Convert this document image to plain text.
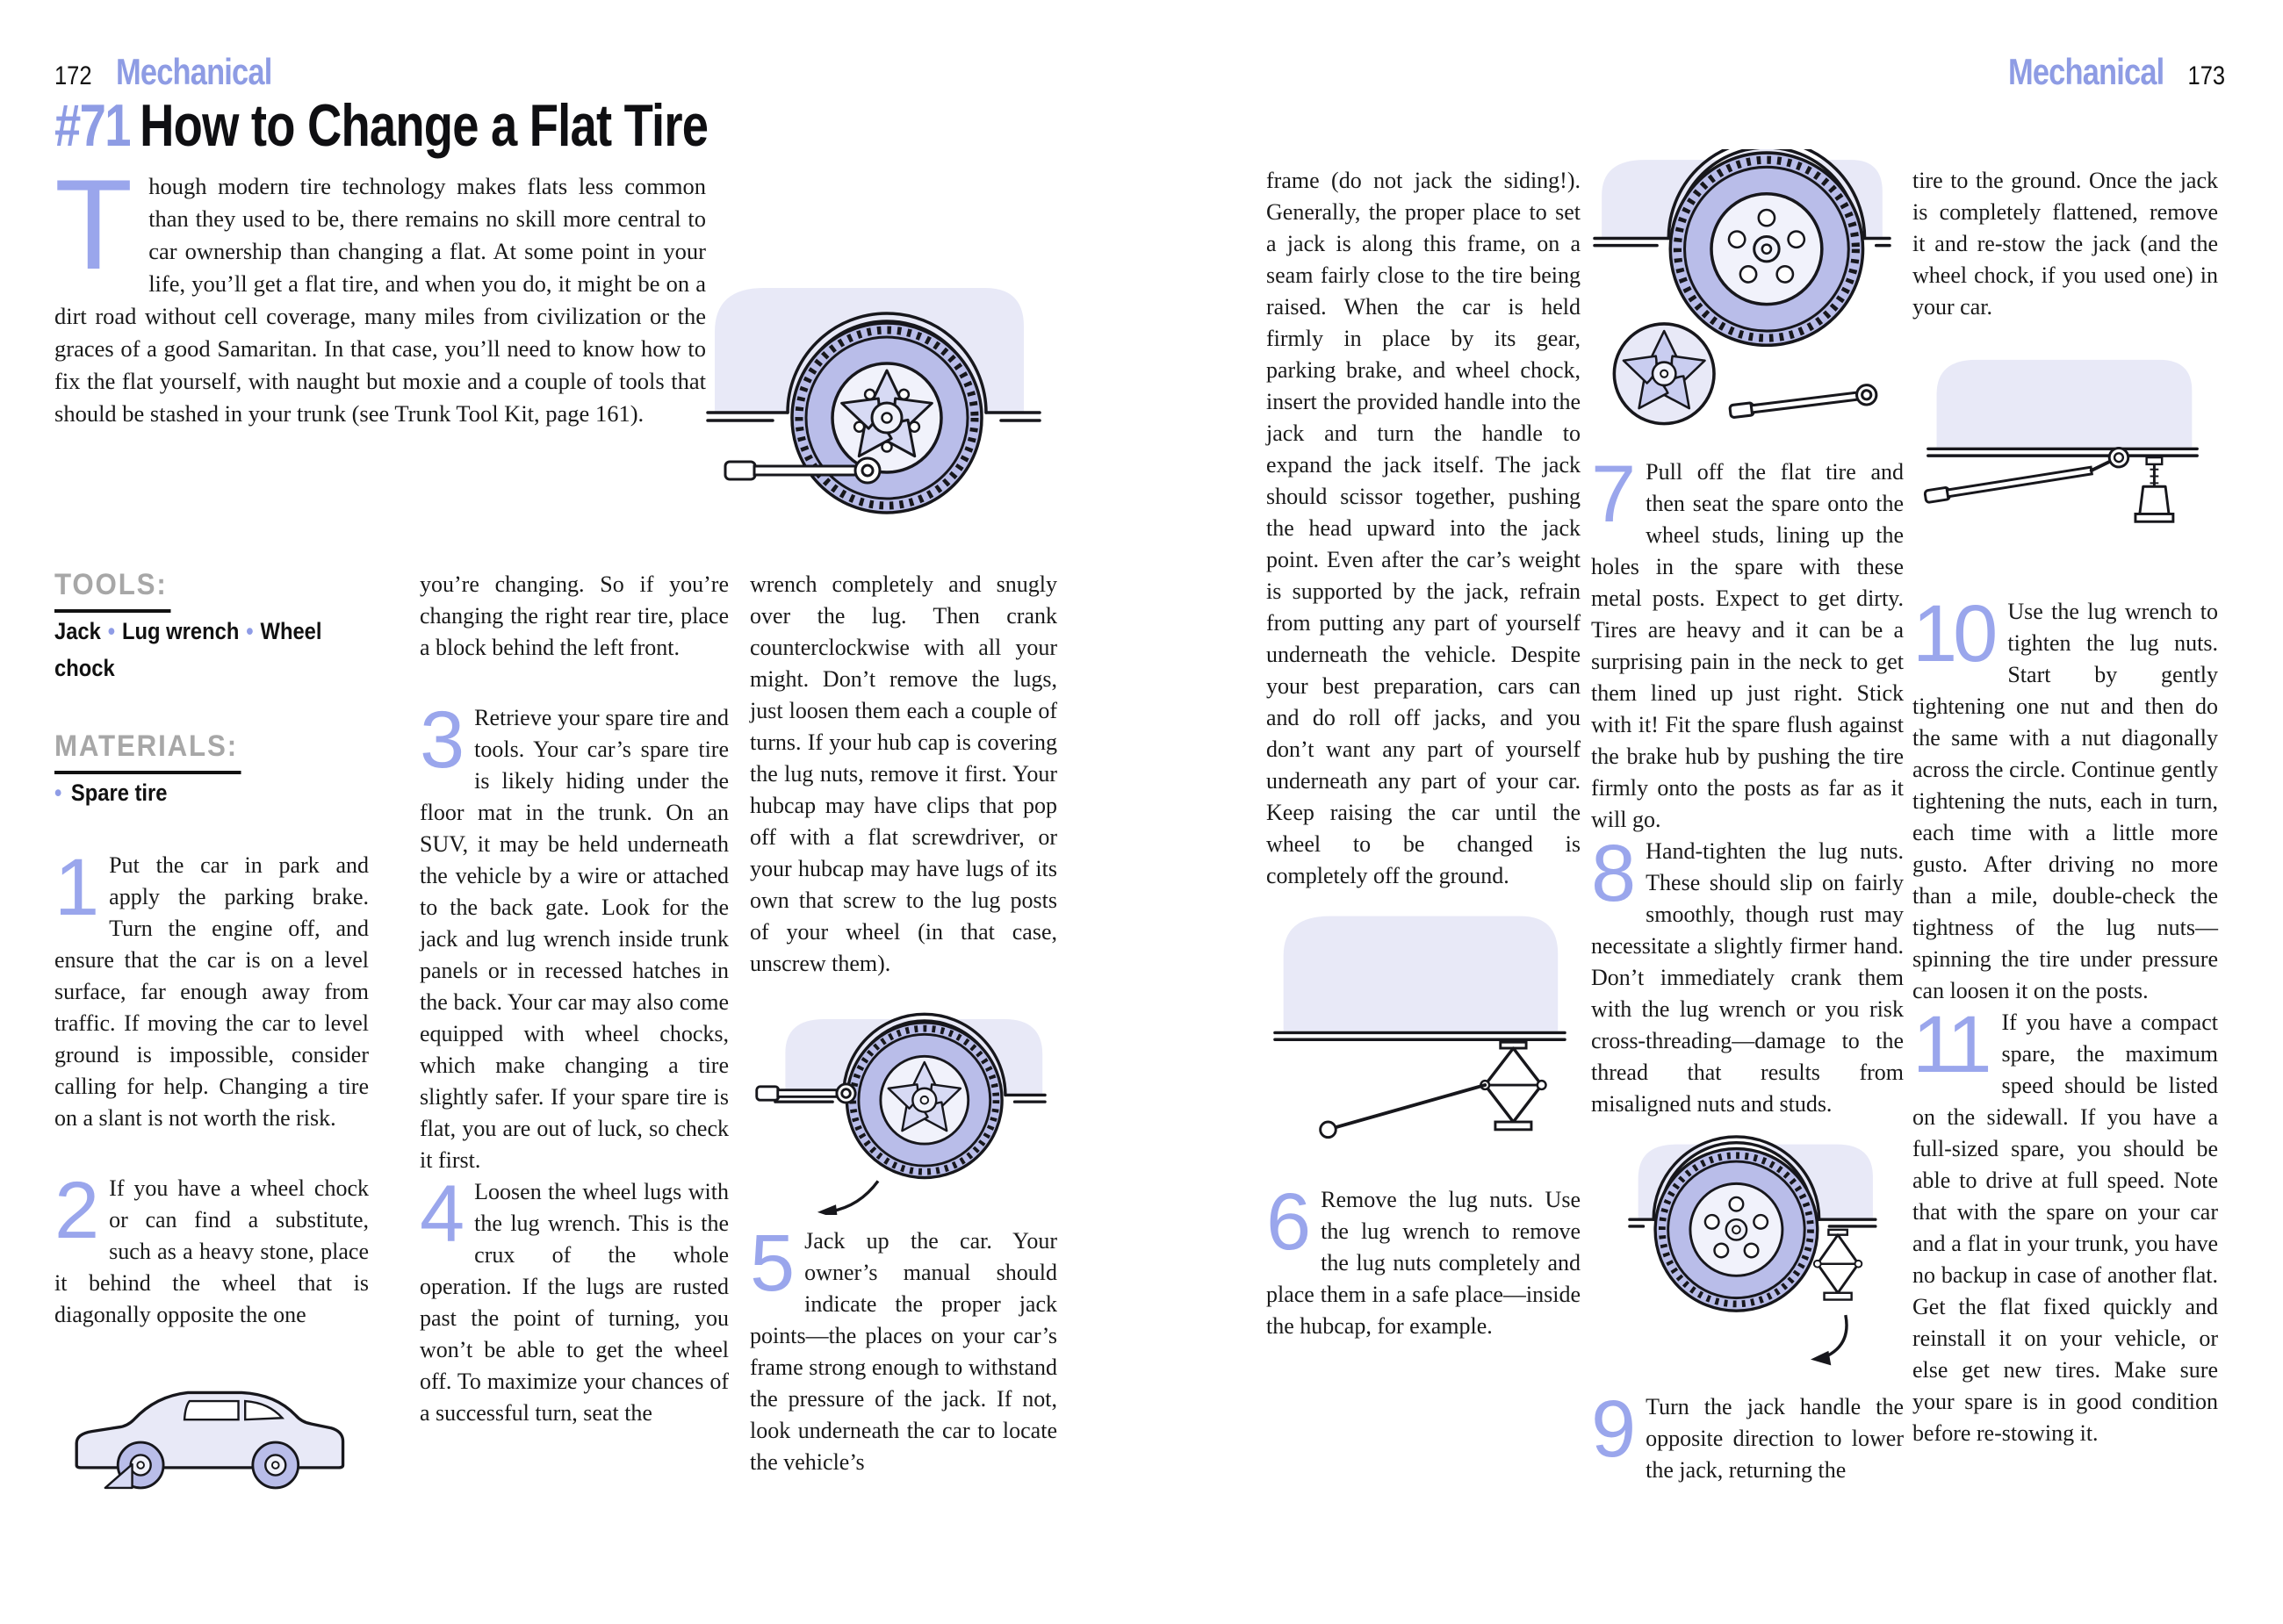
172 Mechanical	Mechanical 173
#71 How to Change a Flat Tire
Though modern tire technology makes flats less common than they used to be, there remains no skill more central to car ownership than changing a flat. At some point in your life, you’ll get a flat tire, and when you do, it might be on a dirt road without cell coverage, many miles from civilization or the graces of a good Samaritan. In that case, you’ll need to know how to fix the flat yourself, with naught but moxie and a couple of tools that should be stashed in your trunk (see Trunk Tool Kit, page 161).
TOOLS:

Jack • Lug wrench • Wheel chock

MATERIALS:

• Spare tire

1 Put the car in park and apply the parking brake. Turn the engine off, and ensure that the car is on a level surface, far enough away from traffic. If moving the car to level ground is impossible, consider calling for help. Changing a tire on a slant is not worth the risk.

2 If you have a wheel chock or can find a substitute, such as a heavy stone, place it behind the wheel that is diagonally opposite the one

you’re changing. So if you’re changing the right rear tire, place a block behind the left front.

3 Retrieve your spare tire and tools. Your car’s spare tire is likely hiding under the floor mat in the trunk. On an SUV, it may be held underneath the vehicle by a wire or attached to the back gate. Look for the jack and lug wrench inside trunk panels or in recessed hatches in the back. Your car may also come equipped with wheel chocks, which make changing a tire slightly safer. If your spare tire is flat, you are out of luck, so check it first.

4 Loosen the wheel lugs with the lug wrench. This is the crux of the whole operation. If the lugs are rusted past the point of turning, you won’t be able to get the wheel off. To maximize your chances of a successful turn, seat the

wrench completely and snugly over the lug. Then crank counterclockwise with all your might. Don’t remove the lugs, just loosen them each a couple of turns. If your hub cap is covering the lug nuts, remove it first. Your hubcap may have clips that pop off with a flat screwdriver, or your hubcap may have lugs of its own that screw to the lug posts of your wheel (in that case, unscrew them).

5 Jack up the car. Your owner’s manual should indicate the proper jack points—the places on your car’s frame strong enough to withstand the pressure of the jack. If not, look underneath the car to locate the vehicle’s

frame (do not jack the siding!). Generally, the proper place to set a jack is along this frame, on a seam fairly close to the tire being raised. When the car is held firmly in place by its gear, parking brake, and wheel chock, insert the provided handle into the jack and turn the handle to expand the jack itself. The jack should scissor together, pushing the head upward into the jack point. Even after the car’s weight is supported by the jack, refrain from putting any part of yourself underneath the vehicle. Despite your best preparation, cars can and do roll off jacks, and you don’t want any part of yourself underneath any part of your car. Keep raising the car until the wheel to be changed is completely off the ground.

6 Remove the lug nuts. Use the lug wrench to remove the lug nuts completely and place them in a safe place—inside the hubcap, for example.

7 Pull off the flat tire and then seat the spare onto the wheel studs, lining up the holes in the spare with these metal posts. Expect to get dirty. Tires are heavy and it can be a surprising pain in the neck to get them lined up just right. Stick with it! Fit the spare flush against the brake hub by pushing the tire firmly onto the posts as far as it will go.

8 Hand-tighten the lug nuts. These should slip on fairly smoothly, though rust may necessitate a slightly firmer hand. Don’t immediately crank them with the lug wrench or you risk cross-threading—damage to the thread that results from misaligned nuts and studs.

9 Turn the jack handle the opposite direction to lower the jack, returning the

tire to the ground. Once the jack is completely flattened, remove it and re-stow the jack (and the wheel chock, if you used one) in your car.

10 Use the lug wrench to tighten the lug nuts. Start by gently tightening one nut and then do the same with a nut diagonally across the circle. Continue gently tightening the nuts, each in turn, each time with a little more gusto. After driving no more than a mile, double-check the tightness of the lug nuts—spinning the tire under pressure can loosen it on the posts.

11 If you have a compact spare, the maximum speed should be listed on the sidewall. If you have a full-sized spare, you should be able to drive at full speed. Note that with the spare on your car and a flat in your trunk, you have no backup in case of another flat. Get the flat fixed quickly and reinstall it on your vehicle, or else get new tires. Make sure your spare is in good condition before re-stowing it.
